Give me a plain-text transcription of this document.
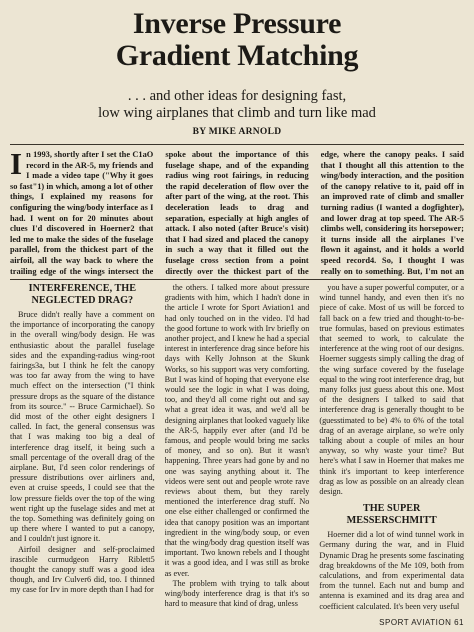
Inverse Pressure
Gradient Matching
. . . and other ideas for designing fast,
low wing airplanes that climb and turn like mad
BY MIKE ARNOLD
In 1993, shortly after I set the C1aO record in the AR-5, my friends and I made a video tape ("Why it goes so fast"1) in which, among a lot of other things, I explained my reasons for configuring the wing/body interface as I had. I went on for 20 minutes about clues I'd discovered in Hoerner2 that led me to make the sides of the fuselage parallel, from the thickest part of the airfoil, all the way back to where the trailing edge of the wings intersect the
spoke about the importance of this fuselage shape, and of the expanding radius wing root fairings, in reducing the rapid deceleration of flow over the after part of the wing, at the root. This deceleration leads to drag and separation, especially at high angles of attack. I also noted (after Bruce's visit) that I had sized and placed the canopy in such a way that it filled out the fuselage cross section from a point directly over the thickest part of the
edge, where the canopy peaks. I said that I thought all this attention to the wing/body interaction, and the position of the canopy relative to it, paid off in an improved rate of climb and smaller turning radius (I wanted a dogfighter), and lower drag at top speed. The AR-5 climbs well, considering its horsepower; it turns inside all the airplanes I've flown it against, and it holds a world speed record4. So, I thought I was really on to something. But, I'm not an
INTERFERENCE, THE
NEGLECTED DRAG?

Bruce didn't really have a comment on the importance of incorporating the canopy in the overall wing/body design. He was enthusiastic about the parallel fuselage sides and the expanding-radius wing-root fairings3a, but I think he felt the canopy was too far away from the wing to have much effect on the intersection ("I think pressure drops as the square of the distance from its source." -- Bruce Carmichael). So did most of the other eight designers I called. In fact, the general consensus was that I was making too big a deal of interference drag itself, it being such a small percentage of the overall drag of the airplane. But, I'd seen color renderings of pressure distributions over airliners and, even at cruise speeds, I could see that the low pressure fields over the top of the wing went right up the fuselage sides and met at the top. Something was definitely going on up there where I wanted to put a canopy, and I couldn't just ignore it.

Airfoil designer and self-proclaimed irascible curmudgeon Harry Riblett5 thought the canopy stuff was a good idea though, and Irv Culver6 did, too. I thinned my case for Irv in more depth than I had for

the others. I talked more about pressure gradients with him, which I hadn't done in the article I wrote for Sport Aviation1 and had only touched on in the video. I'd had the good fortune to work with Irv briefly on another project, and I knew he had a special interest in interference drag since before his days with Kelly Johnson at the Skunk Works, so his support was very comforting. But I was kind of hoping that everyone else would see the logic in what I was doing, too, and they'd all come right out and say what a great idea it was, and we'd all be designing airplanes that looked vaguely like the AR-5, happily ever after (and I'd be famous, and people would bring me sacks of money, and so on). But it wasn't happening. Three years had gone by and no one was saying anything about it. The videos were sent out and people wrote rave reviews about them, but they rarely mentioned the interference drag stuff. No one else either challenged or confirmed the idea that canopy position was an important ingredient in the wing/body soup, or even that the wing/body drag question itself was important. Two known rebels and I thought it was a good idea, and I was still as broke as ever.

The problem with trying to talk about wing/body interference drag is that it's so hard to measure that kind of drag, unless

you have a super powerful computer, or a wind tunnel handy, and even then it's no piece of cake. Most of us will be forced to fall back on a few tried and thought-to-be-true formulas, based on previous estimates that seemed to work, to calculate the interference at the wing root of our designs. Hoerner suggests simply calling the drag of the wing surface covered by the fuselage equal to the wing root interference drag, but many folks just guess about this one. Most of the designers I talked to said that interference drag is generally thought to be (guesstimated to be) 4% to 6% of the total drag of an average airplane, so we're only talking about a couple of miles an hour anyway, so why waste your time? But here's what I saw in Hoerner that makes me think it's important to keep interference drag as low as possible on an already clean design.

THE SUPER
MESSERSCHMITT

Hoerner did a lot of wind tunnel work in Germany during the war, and in Fluid Dynamic Drag he presents some fascinating drag breakdowns of the Me 109, both from calculations, and from experimental data from the tunnel. Each nut and bump and antenna is examined and its drag area and coefficient calculated. It's been very useful

SPORT AVIATION 61
